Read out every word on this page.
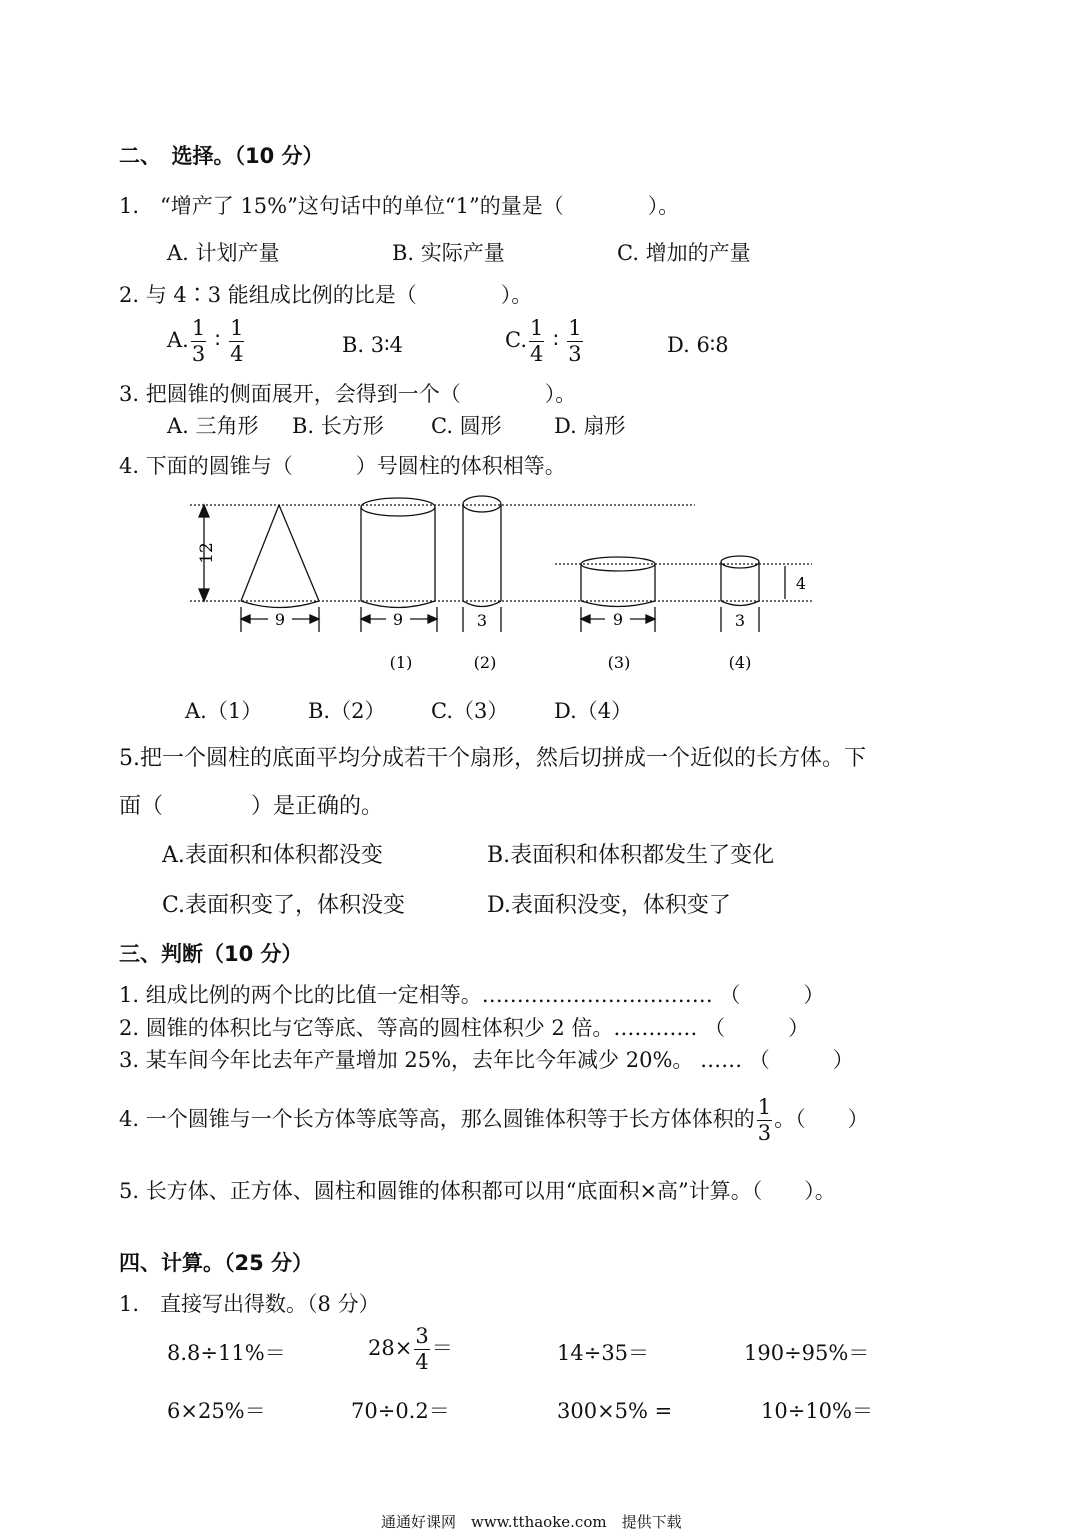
二、　选择。（10 分）
1.　“增产了 15%”这句话中的单位“1”的量是（　　　　）。
A. 计划产量	B. 实际产量	C. 增加的产量
2. 与 4∶3 能组成比例的比是（　　　　）。
A. $\frac{1}{3}$ ∶ $\frac{1}{4}$	B. 3∶4	C. $\frac{1}{4}$ ∶ $\frac{1}{3}$	D. 6∶8
3. 把圆锥的侧面展开，会得到一个（　　　　）。
A. 三角形 B. 长方形 C. 圆形 D. 扇形
4. 下面的圆锥与（　　　）号圆柱的体积相等。
12
4
9	9	3	9	3
(1)	(2)	(3)	(4)
A.（1） B.（2） C.（3） D.（4）
5.把一个圆柱的底面平均分成若干个扇形，然后切拼成一个近似的长方体。下
面（　　　　）是正确的。
A.表面积和体积都没变	B.表面积和体积都发生了变化
C.表面积变了，体积没变	D.表面积没变，体积变了
三、判断（10 分）
1. 组成比例的两个比的比值一定相等。…………………………… （　　　）
2. 圆锥的体积比与它等底、等高的圆柱体积少 2 倍。………… （　　　）
3. 某车间今年比去年产量增加 25%，去年比今年减少 20%。 …… （　　　）
4. 一个圆锥与一个长方体等底等高，那么圆锥体积等于长方体体积的 $\frac{1}{3}$ 。（　　）
5. 长方体、正方体、圆柱和圆锥的体积都可以用“底面积×高”计算。（　　）。
四、计算。（25 分）
1.　直接写出得数。（8 分）
8.8÷11%＝	$28\times \frac{3}{4}$ ＝	14÷35＝	190÷95%＝
6×25%＝	70÷0.2＝	300×5% =	10÷10%＝
通通好课网　www.tthaoke.com　提供下载
